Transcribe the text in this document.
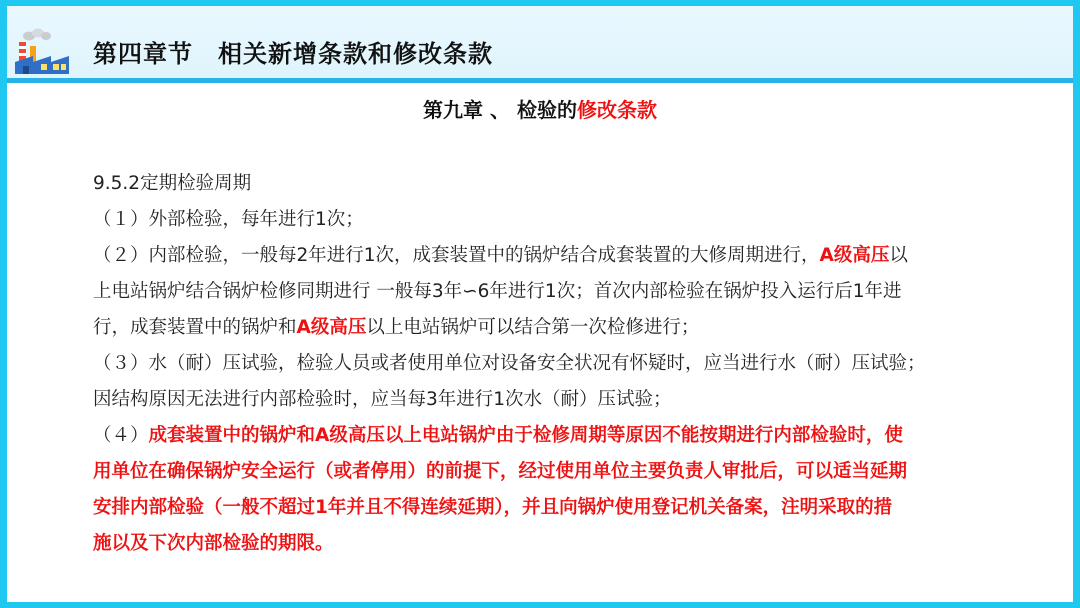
第四章节　相关新增条款和修改条款
第九章 、 检验的修改条款
9.5.2定期检验周期
（１）外部检验，每年进行1次；
（２）内部检验，一般每2年进行1次，成套装置中的锅炉结合成套装置的大修周期进行，A级高压以
上电站锅炉结合锅炉检修同期进行 一般每3年∽6年进行1次；首次内部检验在锅炉投入运行后1年进
行，成套装置中的锅炉和A级高压以上电站锅炉可以结合第一次检修进行；
（３）水（耐）压试验，检验人员或者使用单位对设备安全状况有怀疑时，应当进行水（耐）压试验；
因结构原因无法进行内部检验时，应当每3年进行1次水（耐）压试验；
（４）成套装置中的锅炉和A级高压以上电站锅炉由于检修周期等原因不能按期进行内部检验时，使
用单位在确保锅炉安全运行（或者停用）的前提下，经过使用单位主要负责人审批后，可以适当延期
安排内部检验（一般不超过1年并且不得连续延期），并且向锅炉使用登记机关备案，注明采取的措
施以及下次内部检验的期限。
